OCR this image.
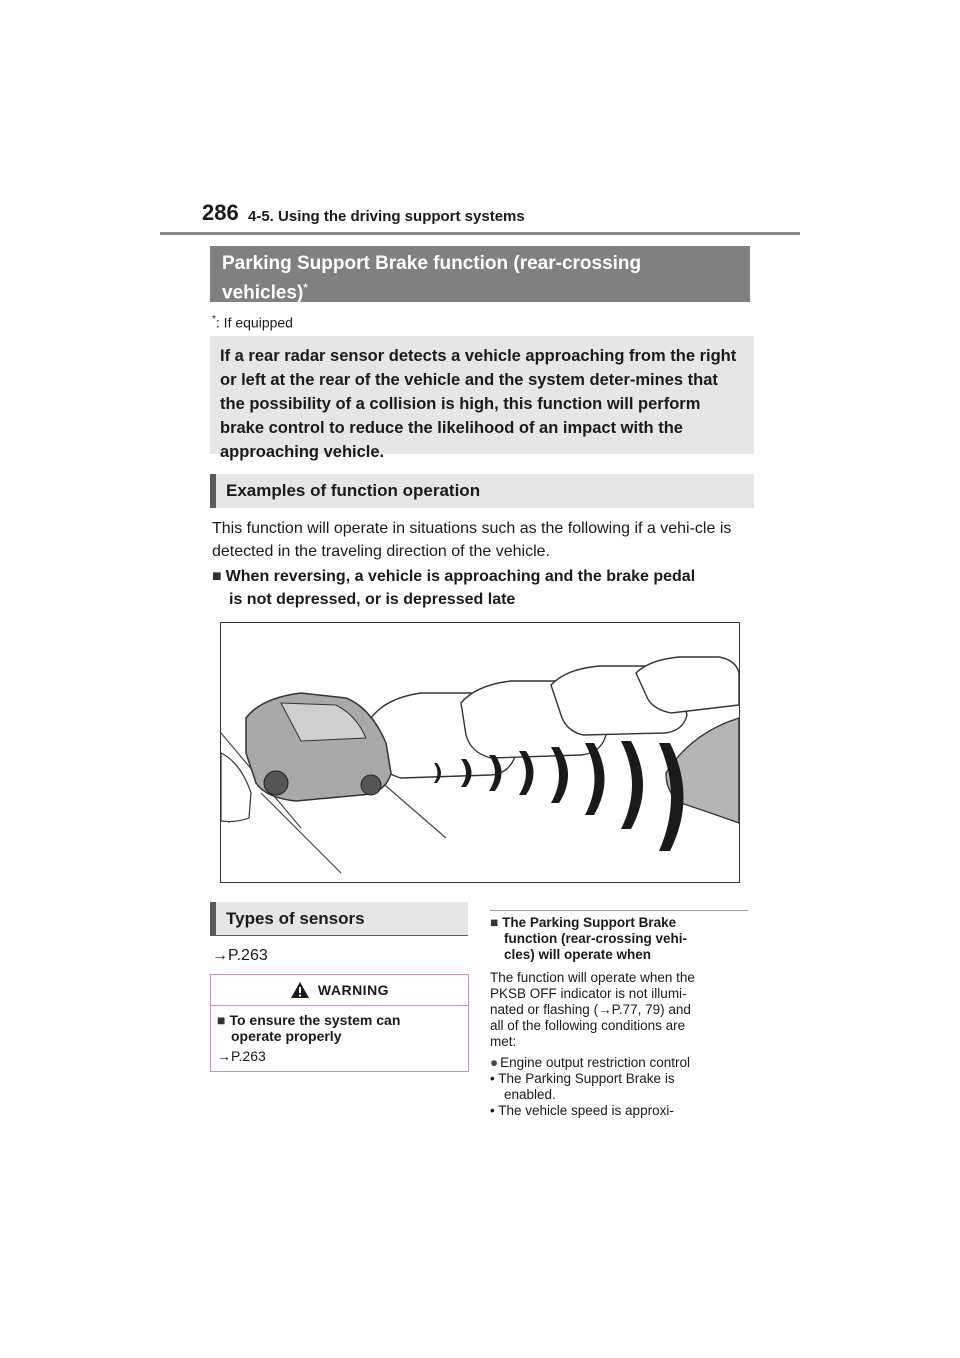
286 4-5. Using the driving support systems
Parking Support Brake function (rear-crossing
vehicles)*
*: If equipped
If a rear radar sensor detects a vehicle approaching from the right or left at the rear of the vehicle and the system deter-mines that the possibility of a collision is high, this function will perform brake control to reduce the likelihood of an impact with the approaching vehicle.
Examples of function operation
This function will operate in situations such as the following if a vehi-cle is detected in the traveling direction of the vehicle.
■ When reversing, a vehicle is approaching and the brake pedal
is not depressed, or is depressed late
Types of sensors
→P.263
WARNING
■ To ensure the system can
operate properly
→P.263
■ The Parking Support Brake
function (rear-crossing vehi-
cles) will operate when
The function will operate when the
PKSB OFF indicator is not illumi-
nated or flashing (→P.77, 79) and
all of the following conditions are
met:
● Engine output restriction control
• The Parking Support Brake is
enabled.
• The vehicle speed is approxi-
